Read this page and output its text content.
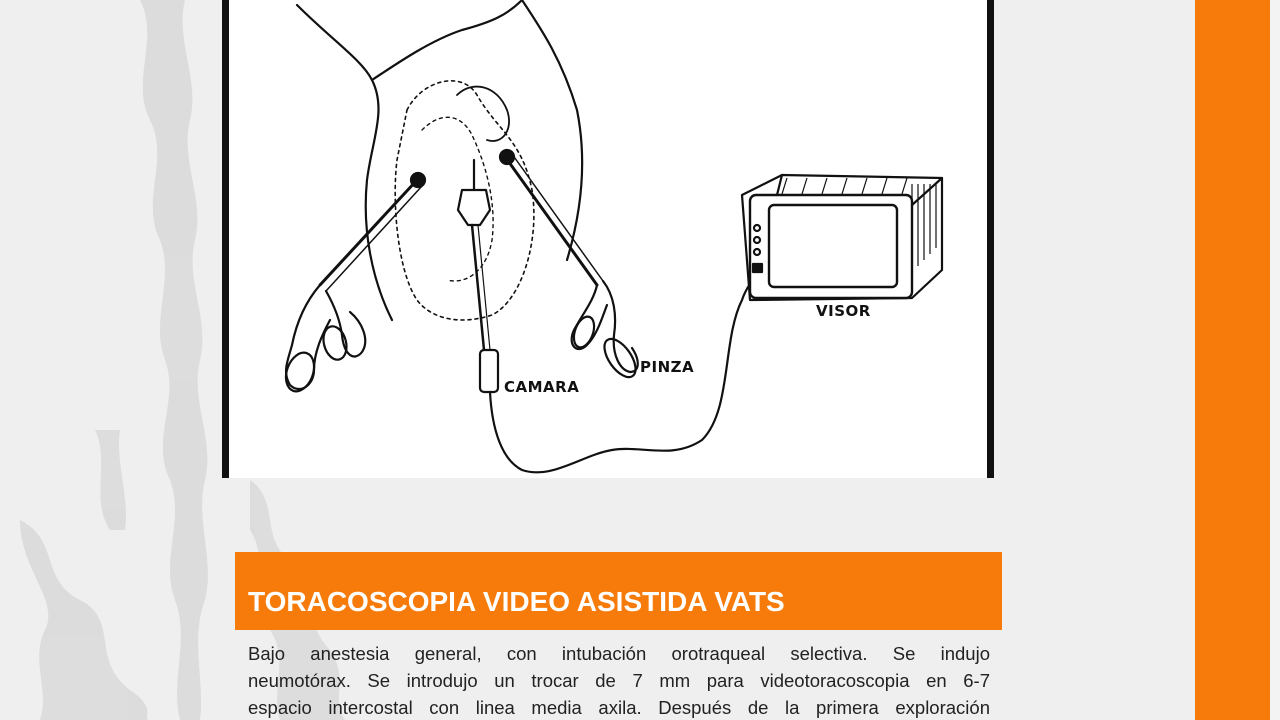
VISOR
PINZA
CAMARA
TORACOSCOPIA VIDEO ASISTIDA VATS
Bajo anestesia general, con intubación orotraqueal selectiva. Se indujo
neumotórax. Se introdujo un trocar de 7 mm para videotoracoscopia en 6-7
espacio intercostal con linea media axila. Después de la primera exploración
